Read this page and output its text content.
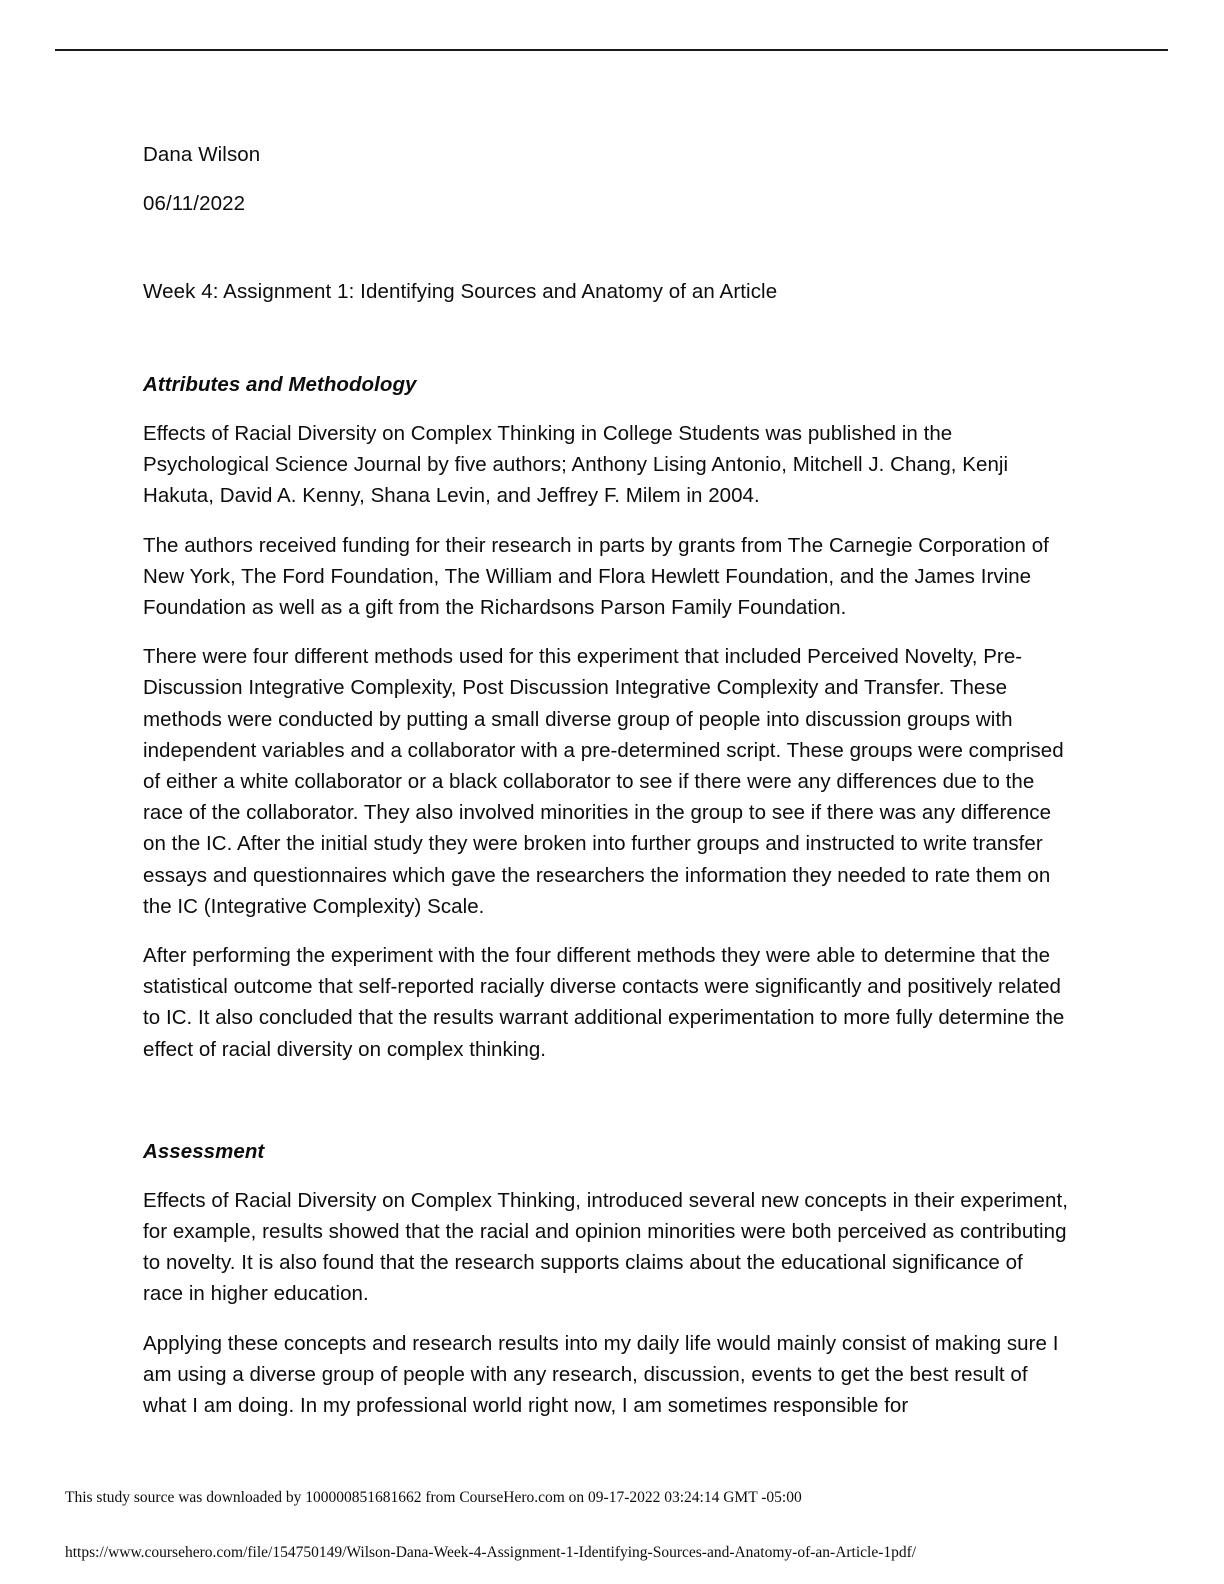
Dana Wilson

06/11/2022

Week 4: Assignment 1: Identifying Sources and Anatomy of an Article

Attributes and Methodology

Effects of Racial Diversity on Complex Thinking in College Students was published in the Psychological Science Journal by five authors; Anthony Lising Antonio, Mitchell J. Chang, Kenji Hakuta, David A. Kenny, Shana Levin, and Jeffrey F. Milem in 2004.

The authors received funding for their research in parts by grants from The Carnegie Corporation of New York, The Ford Foundation, The William and Flora Hewlett Foundation, and the James Irvine Foundation as well as a gift from the Richardsons Parson Family Foundation.

There were four different methods used for this experiment that included Perceived Novelty, Pre-Discussion Integrative Complexity, Post Discussion Integrative Complexity and Transfer. These methods were conducted by putting a small diverse group of people into discussion groups with independent variables and a collaborator with a pre-determined script. These groups were comprised of either a white collaborator or a black collaborator to see if there were any differences due to the race of the collaborator. They also involved minorities in the group to see if there was any difference on the IC. After the initial study they were broken into further groups and instructed to write transfer essays and questionnaires which gave the researchers the information they needed to rate them on the IC (Integrative Complexity) Scale.

After performing the experiment with the four different methods they were able to determine that the statistical outcome that self-reported racially diverse contacts were significantly and positively related to IC. It also concluded that the results warrant additional experimentation to more fully determine the effect of racial diversity on complex thinking.

Assessment

Effects of Racial Diversity on Complex Thinking, introduced several new concepts in their experiment, for example, results showed that the racial and opinion minorities were both perceived as contributing to novelty. It is also found that the research supports claims about the educational significance of race in higher education.

Applying these concepts and research results into my daily life would mainly consist of making sure I am using a diverse group of people with any research, discussion, events to get the best result of what I am doing. In my professional world right now, I am sometimes responsible for

This study source was downloaded by 100000851681662 from CourseHero.com on 09-17-2022 03:24:14 GMT -05:00
https://www.coursehero.com/file/154750149/Wilson-Dana-Week-4-Assignment-1-Identifying-Sources-and-Anatomy-of-an-Article-1pdf/
